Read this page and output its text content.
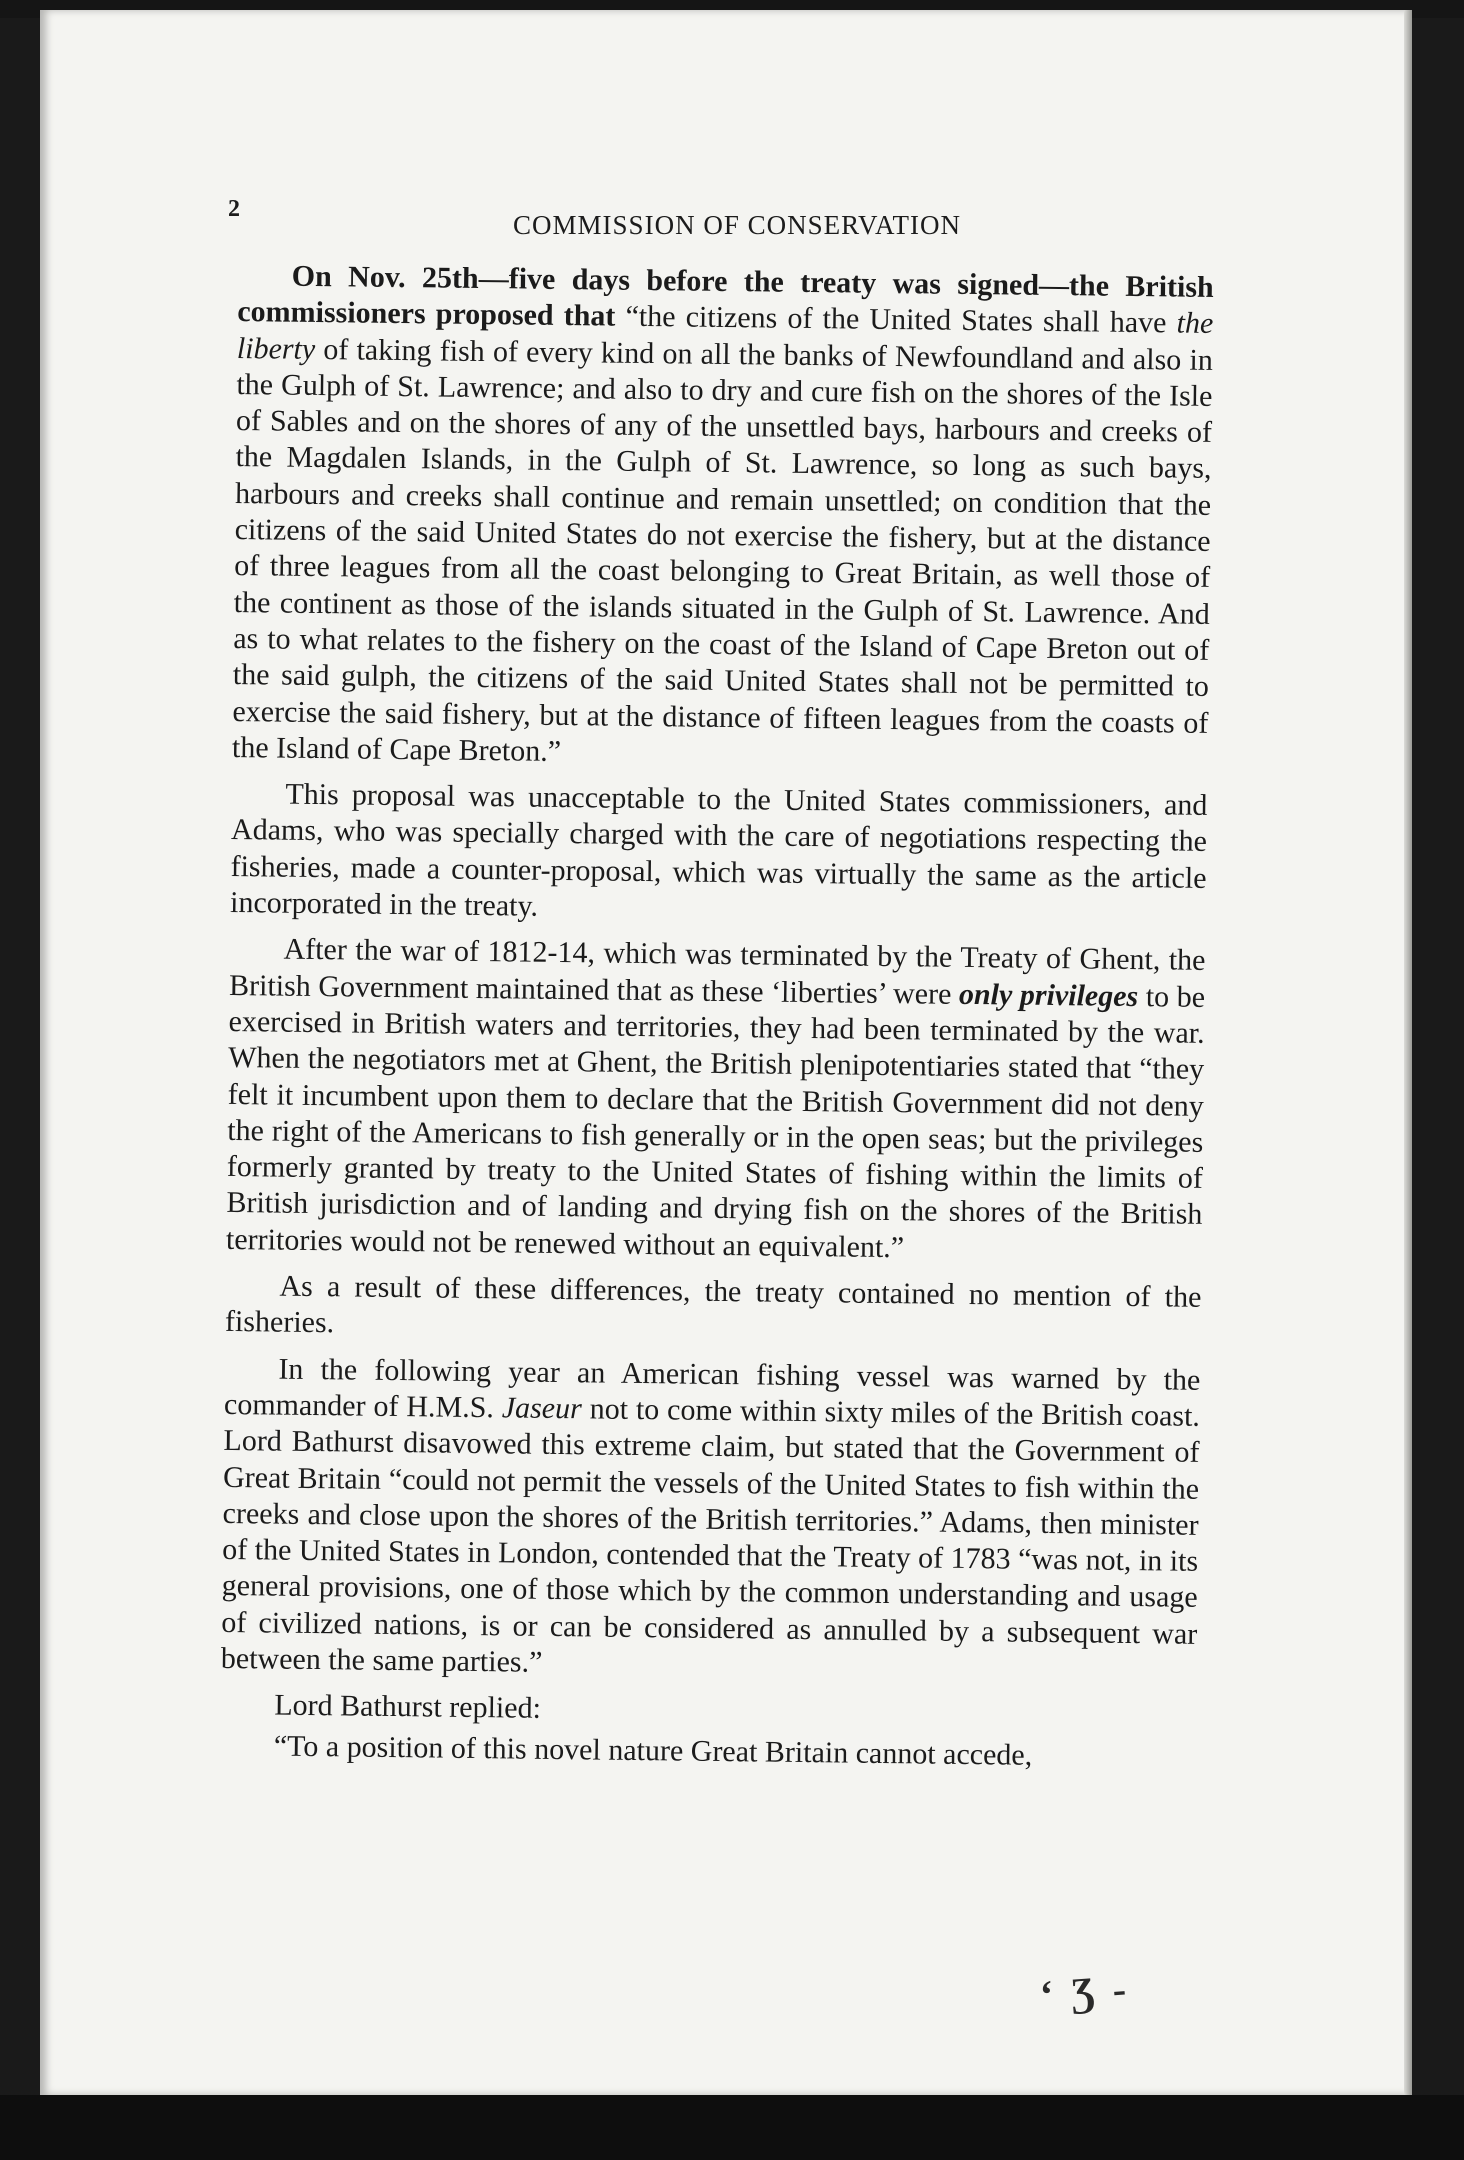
2
COMMISSION OF CONSERVATION

On Nov. 25th—five days before the treaty was signed—the British commissioners proposed that “the citizens of the United States shall have the liberty of taking fish of every kind on all the banks of Newfoundland and also in the Gulph of St. Lawrence; and also to dry and cure fish on the shores of the Isle of Sables and on the shores of any of the unsettled bays, harbours and creeks of the Magdalen Islands, in the Gulph of St. Lawrence, so long as such bays, harbours and creeks shall continue and remain unsettled; on condition that the citizens of the said United States do not exercise the fishery, but at the distance of three leagues from all the coast belonging to Great Britain, as well those of the continent as those of the islands situated in the Gulph of St. Lawrence. And as to what relates to the fishery on the coast of the Island of Cape Breton out of the said gulph, the citizens of the said United States shall not be permitted to exercise the said fishery, but at the distance of fifteen leagues from the coasts of the Island of Cape Breton.”

This proposal was unacceptable to the United States commissioners, and Adams, who was specially charged with the care of negotiations respecting the fisheries, made a counter-proposal, which was virtually the same as the article incorporated in the treaty.

After the war of 1812-14, which was terminated by the Treaty of Ghent, the British Government maintained that as these ‘liberties’ were only privileges to be exercised in British waters and territories, they had been terminated by the war. When the negotiators met at Ghent, the British plenipotentiaries stated that “they felt it incumbent upon them to declare that the British Government did not deny the right of the Americans to fish generally or in the open seas; but the privileges formerly granted by treaty to the United States of fishing within the limits of British jurisdiction and of landing and drying fish on the shores of the British territories would not be renewed without an equivalent.”

As a result of these differences, the treaty contained no mention of the fisheries.

In the following year an American fishing vessel was warned by the commander of H.M.S. Jaseur not to come within sixty miles of the British coast. Lord Bathurst disavowed this extreme claim, but stated that the Government of Great Britain “could not permit the vessels of the United States to fish within the creeks and close upon the shores of the British territories.” Adams, then minister of the United States in London, contended that the Treaty of 1783 “was not, in its general provisions, one of those which by the common understanding and usage of civilized nations, is or can be considered as annulled by a subsequent war between the same parties.”

Lord Bathurst replied:

“To a position of this novel nature Great Britain cannot accede,

‘ Ʒ ‐
